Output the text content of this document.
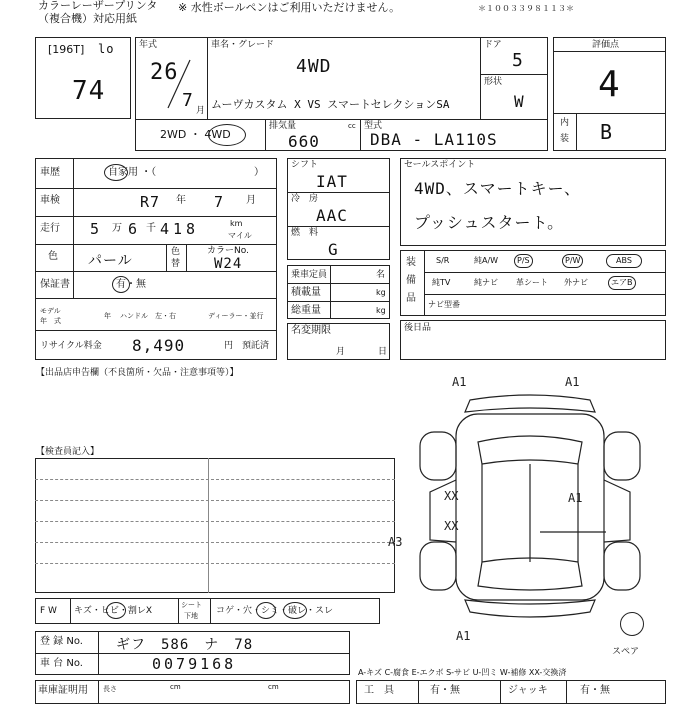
カラーレーザープリンタ
（複合機）対応用紙
※ 水性ボールペンはご利用いただけません。	＊１００３３９８１１３＊
[196T] lo
74
年式
26
7 月
車名・グレード
4WD
ムーヴカスタム X VS スマートセレクションSA
ドア
5
形状
W
2WD ・ 4WD
排気量	cc
660
型式
DBA - LA110S
評価点
4
内
装 B
車歴	自家用 ・（	）
車検	R7 年 7 月
走行 5 万 6 千 418	km
マイル
色 パール
色
替
カラーNo.
W24
保証書	有・無
モデル
年　式
年 ハンドル　左・右	ディーラー・並行
リサイクル料金 8,490	円　預託済
シフト
IAT
冷　房
AAC
燃　料
G
乗車定員	名
積載量	kg
総重量	kg
名変期限
月	日
セールスポイント
4WD、スマートキー、
プッシュスタート。
装
備
品
S/R	純A/W	P/S	P/W	ABS
純TV	純ナビ 革シート 外ナビ	エアB
ナビ型番
後日品
【出品店申告欄（不良箇所・欠品・注意事項等）】
【検査員記入】
A1	A1
A1
A3
A1
XX
XX
スペア
F W キズ・ヒビ・割レX
シート
下地 コゲ・穴・シミ・破レ・スレ
登 録 No. ギフ　586　ナ　78
車 台 No.	0079168
車庫証明用 長さ	cm	cm
A-キズ C-腐食 E-エクボ S-サビ U-凹ミ W-補修 XX-交換済
工　具	有・無	ジャッキ	有・無
